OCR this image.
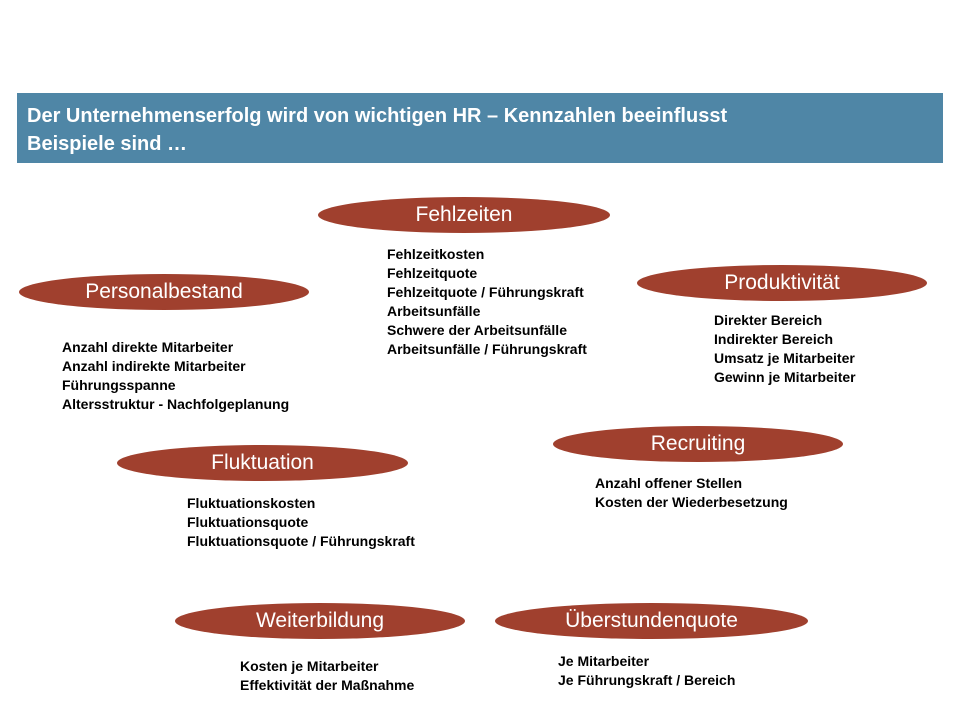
Der Unternehmenserfolg wird von wichtigen HR – Kennzahlen beeinflusst
Beispiele sind …
Fehlzeiten
Fehlzeitkosten
Fehlzeitquote
Fehlzeitquote / Führungskraft
Arbeitsunfälle
Schwere der Arbeitsunfälle
Arbeitsunfälle / Führungskraft
Personalbestand
Anzahl direkte Mitarbeiter
Anzahl indirekte Mitarbeiter
Führungsspanne
Altersstruktur - Nachfolgeplanung
Produktivität
Direkter Bereich
Indirekter Bereich
Umsatz je Mitarbeiter
Gewinn je Mitarbeiter
Recruiting
Anzahl offener Stellen
Kosten der Wiederbesetzung
Fluktuation
Fluktuationskosten
Fluktuationsquote
Fluktuationsquote / Führungskraft
Weiterbildung
Kosten je Mitarbeiter
Effektivität der Maßnahme
Überstundenquote
Je Mitarbeiter
Je Führungskraft / Bereich
